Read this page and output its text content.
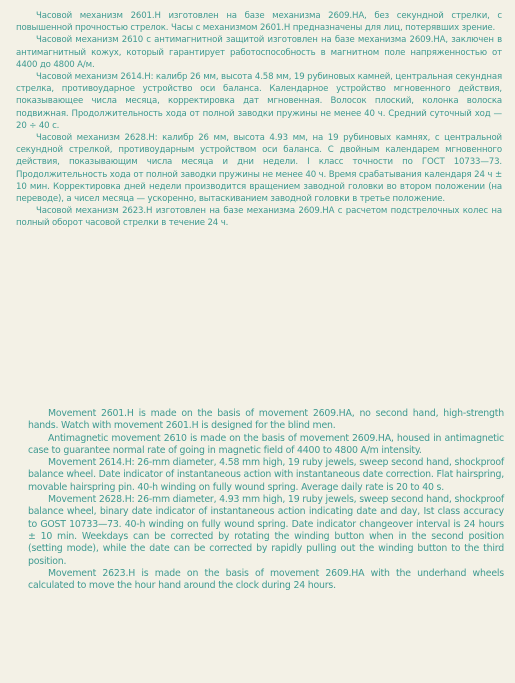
Часовой механизм 2601.Н изготовлен на базе механизма 2609.НА, без секундной стрелки, с повышенной прочностью стрелок. Часы с механизмом 2601.Н предназначены для лиц, потерявших зрение.

Часовой механизм 2610 с антимагнитной защитой изготовлен на базе механизма 2609.НА, заключен в антимагнитный кожух, который гарантирует работоспособность в магнитном поле напряженностью от 4400 до 4800 А/м.

Часовой механизм 2614.Н: калибр 26 мм, высота 4.58 мм, 19 рубиновых камней, центральная секундная стрелка, противоударное устройство оси баланса. Календарное устройство мгновенного действия, показывающее числа месяца, корректировка дат мгновенная. Волосок плоский, колонка волоска подвижная. Продолжительность хода от полной заводки пружины не менее 40 ч. Средний суточный ход — 20 ÷ 40 с.

Часовой механизм 2628.Н: калибр 26 мм, высота 4.93 мм, на 19 рубиновых камнях, с центральной секундной стрелкой, противоударным устройством оси баланса. С двойным календарем мгновенного действия, показывающим числа месяца и дни недели. I класс точности по ГОСТ 10733—73. Продолжительность хода от полной заводки пружины не менее 40 ч. Время срабатывания календаря 24 ч ± 10 мин. Корректировка дней недели производится вращением заводной головки во втором положении (на переводе), а чисел месяца — ускоренно, вытаскиванием заводной головки в третье положение.

Часовой механизм 2623.Н изготовлен на базе механизма 2609.НА с расчетом подстрелочных колес на полный оборот часовой стрелки в течение 24 ч.

Movement 2601.H is made on the basis of movement 2609.HA, no second hand, high-strength hands. Watch with movement 2601.H is designed for the blind men.

Antimagnetic movement 2610 is made on the basis of movement 2609.HA, housed in antimagnetic case to guarantee normal rate of going in magnetic field of 4400 to 4800 A/m intensity.

Movement 2614.H: 26-mm diameter, 4.58 mm high, 19 ruby jewels, sweep second hand, shockproof balance wheel. Date indicator of instantaneous action with instantaneous date correction. Flat hairspring, movable hairspring pin. 40-h winding on fully wound spring. Average daily rate is 20 to 40 s.

Movement 2628.H: 26-mm diameter, 4.93 mm high, 19 ruby jewels, sweep second hand, shockproof balance wheel, binary date indicator of instantaneous action indicating date and day, Ist class accuracy to GOST 10733—73. 40-h winding on fully wound spring. Date indicator changeover interval is 24 hours ± 10 min. Weekdays can be corrected by rotating the winding button when in the second position (setting mode), while the date can be corrected by rapidly pulling out the winding button to the third position.

Movement 2623.H is made on the basis of movement 2609.HA with the underhand wheels calculated to move the hour hand around the clock during 24 hours.
